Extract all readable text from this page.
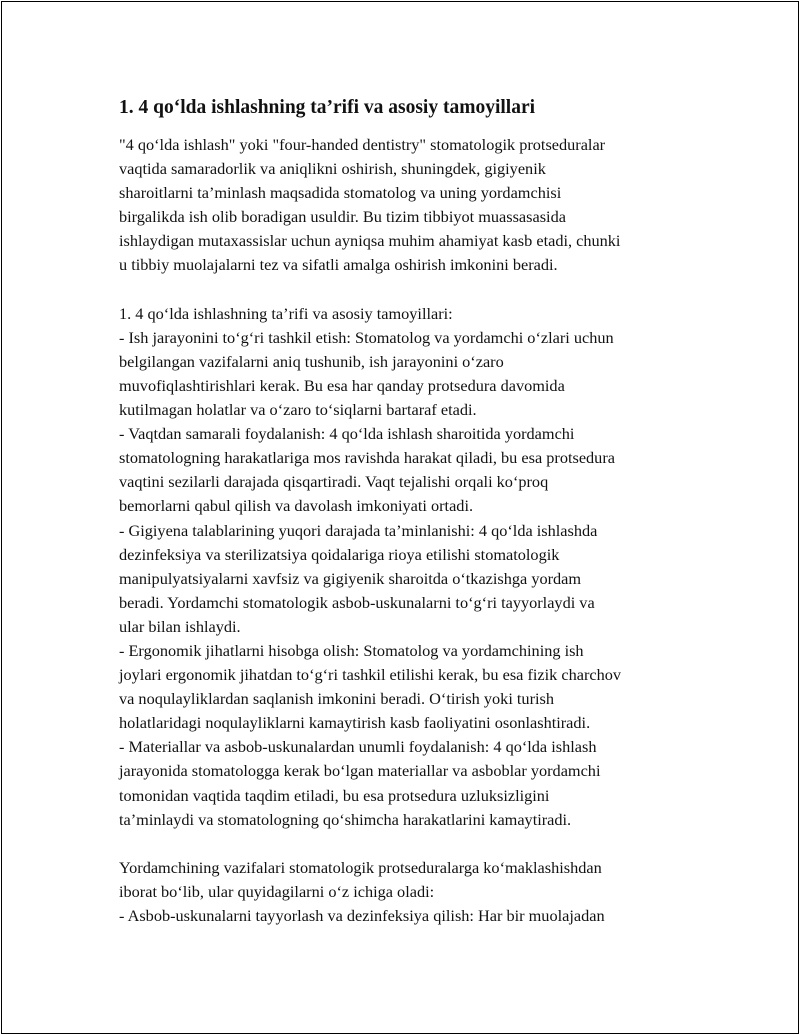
1. 4 qo‘lda ishlashning ta’rifi va asosiy tamoyillari

"4 qo‘lda ishlash" yoki "four-handed dentistry" stomatologik protseduralar
vaqtida samaradorlik va aniqlikni oshirish, shuningdek, gigiyenik
sharoitlarni ta’minlash maqsadida stomatolog va uning yordamchisi
birgalikda ish olib boradigan usuldir. Bu tizim tibbiyot muassasasida
ishlaydigan mutaxassislar uchun ayniqsa muhim ahamiyat kasb etadi, chunki
u tibbiy muolajalarni tez va sifatli amalga oshirish imkonini beradi.

1. 4 qo‘lda ishlashning ta’rifi va asosiy tamoyillari:
- Ish jarayonini to‘g‘ri tashkil etish: Stomatolog va yordamchi o‘zlari uchun
belgilangan vazifalarni aniq tushunib, ish jarayonini o‘zaro
muvofiqlashtirishlari kerak. Bu esa har qanday protsedura davomida
kutilmagan holatlar va o‘zaro to‘siqlarni bartaraf etadi.
- Vaqtdan samarali foydalanish: 4 qo‘lda ishlash sharoitida yordamchi
stomatologning harakatlariga mos ravishda harakat qiladi, bu esa protsedura
vaqtini sezilarli darajada qisqartiradi. Vaqt tejalishi orqali ko‘proq
bemorlarni qabul qilish va davolash imkoniyati ortadi.
- Gigiyena talablarining yuqori darajada ta’minlanishi: 4 qo‘lda ishlashda
dezinfeksiya va sterilizatsiya qoidalariga rioya etilishi stomatologik
manipulyatsiyalarni xavfsiz va gigiyenik sharoitda o‘tkazishga yordam
beradi. Yordamchi stomatologik asbob-uskunalarni to‘g‘ri tayyorlaydi va
ular bilan ishlaydi.
- Ergonomik jihatlarni hisobga olish: Stomatolog va yordamchining ish
joylari ergonomik jihatdan to‘g‘ri tashkil etilishi kerak, bu esa fizik charchov
va noqulayliklardan saqlanish imkonini beradi. O‘tirish yoki turish
holatlaridagi noqulayliklarni kamaytirish kasb faoliyatini osonlashtiradi.
- Materiallar va asbob-uskunalardan unumli foydalanish: 4 qo‘lda ishlash
jarayonida stomatologga kerak bo‘lgan materiallar va asboblar yordamchi
tomonidan vaqtida taqdim etiladi, bu esa protsedura uzluksizligini
ta’minlaydi va stomatologning qo‘shimcha harakatlarini kamaytiradi.

Yordamchining vazifalari stomatologik protseduralarga ko‘maklashishdan
iborat bo‘lib, ular quyidagilarni o‘z ichiga oladi:
- Asbob-uskunalarni tayyorlash va dezinfeksiya qilish: Har bir muolajadan
